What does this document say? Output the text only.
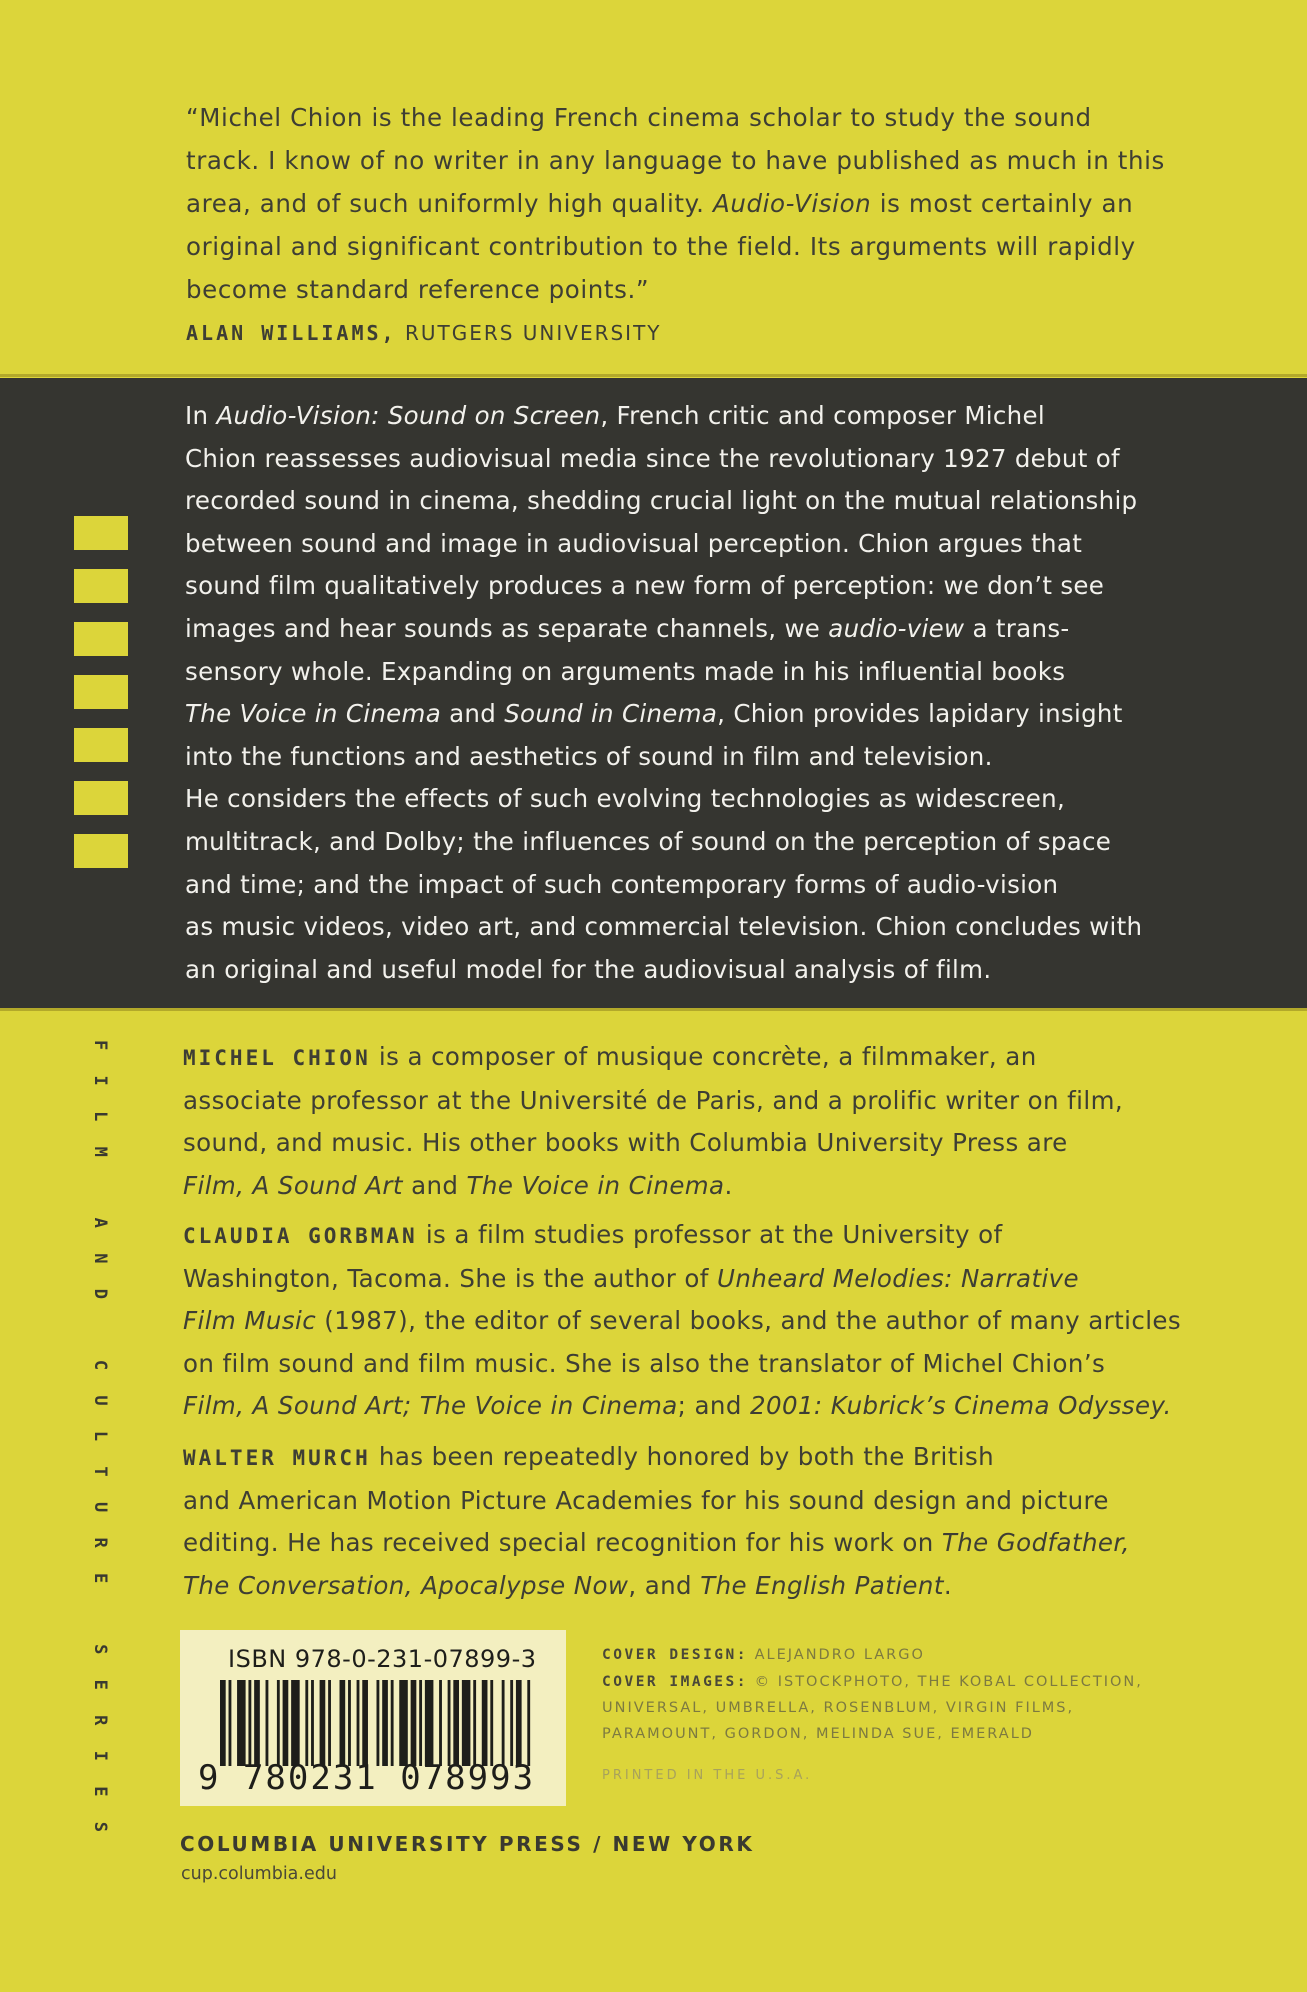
“Michel Chion is the leading French cinema scholar to study the sound
track. I know of no writer in any language to have published as much in this
area, and of such uniformly high quality. Audio-Vision is most certainly an
original and significant contribution to the field. Its arguments will rapidly
become standard reference points.”
ALAN WILLIAMS, RUTGERS UNIVERSITY
In Audio-Vision: Sound on Screen, French critic and composer Michel
Chion reassesses audiovisual media since the revolutionary 1927 debut of
recorded sound in cinema, shedding crucial light on the mutual relationship
between sound and image in audiovisual perception. Chion argues that
sound film qualitatively produces a new form of perception: we don’t see
images and hear sounds as separate channels, we audio-view a trans-
sensory whole. Expanding on arguments made in his influential books
The Voice in Cinema and Sound in Cinema, Chion provides lapidary insight
into the functions and aesthetics of sound in film and television.
He considers the effects of such evolving technologies as widescreen,
multitrack, and Dolby; the influences of sound on the perception of space
and time; and the impact of such contemporary forms of audio-vision
as music videos, video art, and commercial television. Chion concludes with
an original and useful model for the audiovisual analysis of film.
FILM AND CULTURE SERIES	MICHEL CHION is a composer of musique concrète, a filmmaker, an
associate professor at the Université de Paris, and a prolific writer on film,
sound, and music. His other books with Columbia University Press are
Film, A Sound Art and The Voice in Cinema.
CLAUDIA GORBMAN is a film studies professor at the University of
Washington, Tacoma. She is the author of Unheard Melodies: Narrative
Film Music (1987), the editor of several books, and the author of many articles
on film sound and film music. She is also the translator of Michel Chion’s
Film, A Sound Art; The Voice in Cinema; and 2001: Kubrick’s Cinema Odyssey.
WALTER MURCH has been repeatedly honored by both the British
and American Motion Picture Academies for his sound design and picture
editing. He has received special recognition for his work on The Godfather,
The Conversation, Apocalypse Now, and The English Patient.
ISBN 978-0-231-07899-3
9 780231 078993
COVER DESIGN: ALEJANDRO LARGO
COVER IMAGES: © ISTOCKPHOTO, THE KOBAL COLLECTION,
UNIVERSAL, UMBRELLA, ROSENBLUM, VIRGIN FILMS,
PARAMOUNT, GORDON, MELINDA SUE, EMERALD
PRINTED IN THE U.S.A.
COLUMBIA UNIVERSITY PRESS / NEW YORK
cup.columbia.edu
